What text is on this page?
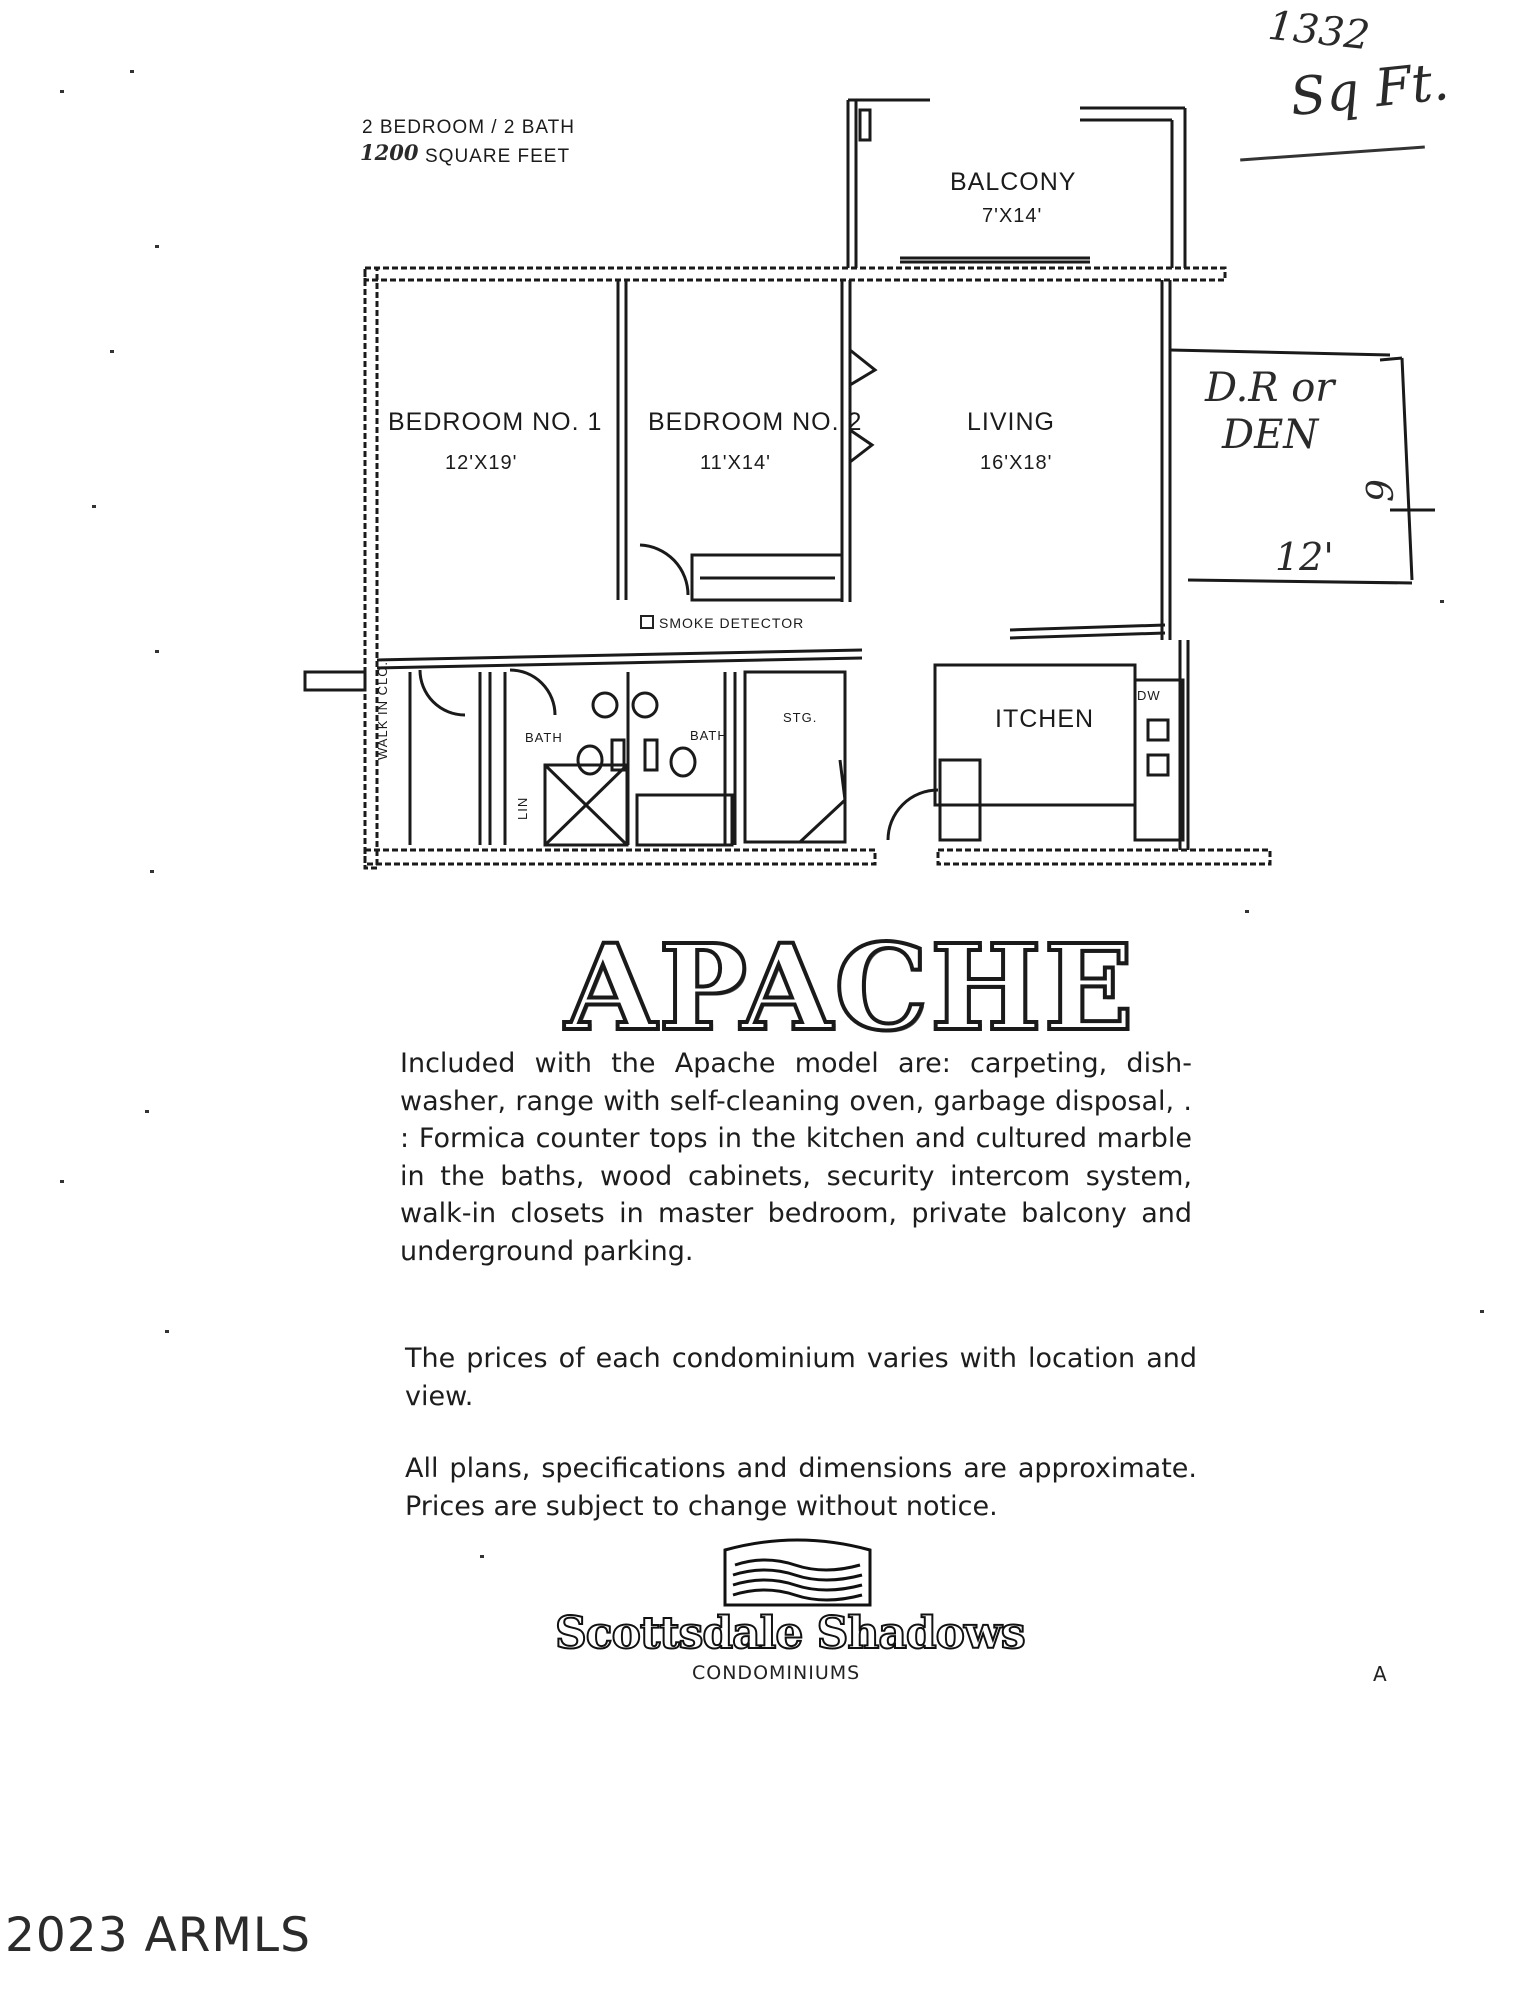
1332
Sq Ft.
2 BEDROOM / 2 BATH
1200 SQUARE FEET
BALCONY
7'X14'
BEDROOM NO. 1
12'X19'
BEDROOM NO. 2
11'X14'
LIVING
16'X18'
SMOKE DETECTOR
WALK IN CLO.
LIN
BATH	BATH
STG.	ITCHEN
DW
D.R or
DEN
12'
9
APACHE
Included with the Apache model are: carpeting, dish-washer, range with self-cleaning oven, garbage disposal, . : Formica counter tops in the kitchen and cultured marble in the baths, wood cabinets, security intercom system, walk-in closets in master bedroom, private balcony and underground parking.
The prices of each condominium varies with location and view.
All plans, specifications and dimensions are approximate. Prices are subject to change without notice.
Scottsdale Shadows
CONDOMINIUMS	A
2023 ARMLS
